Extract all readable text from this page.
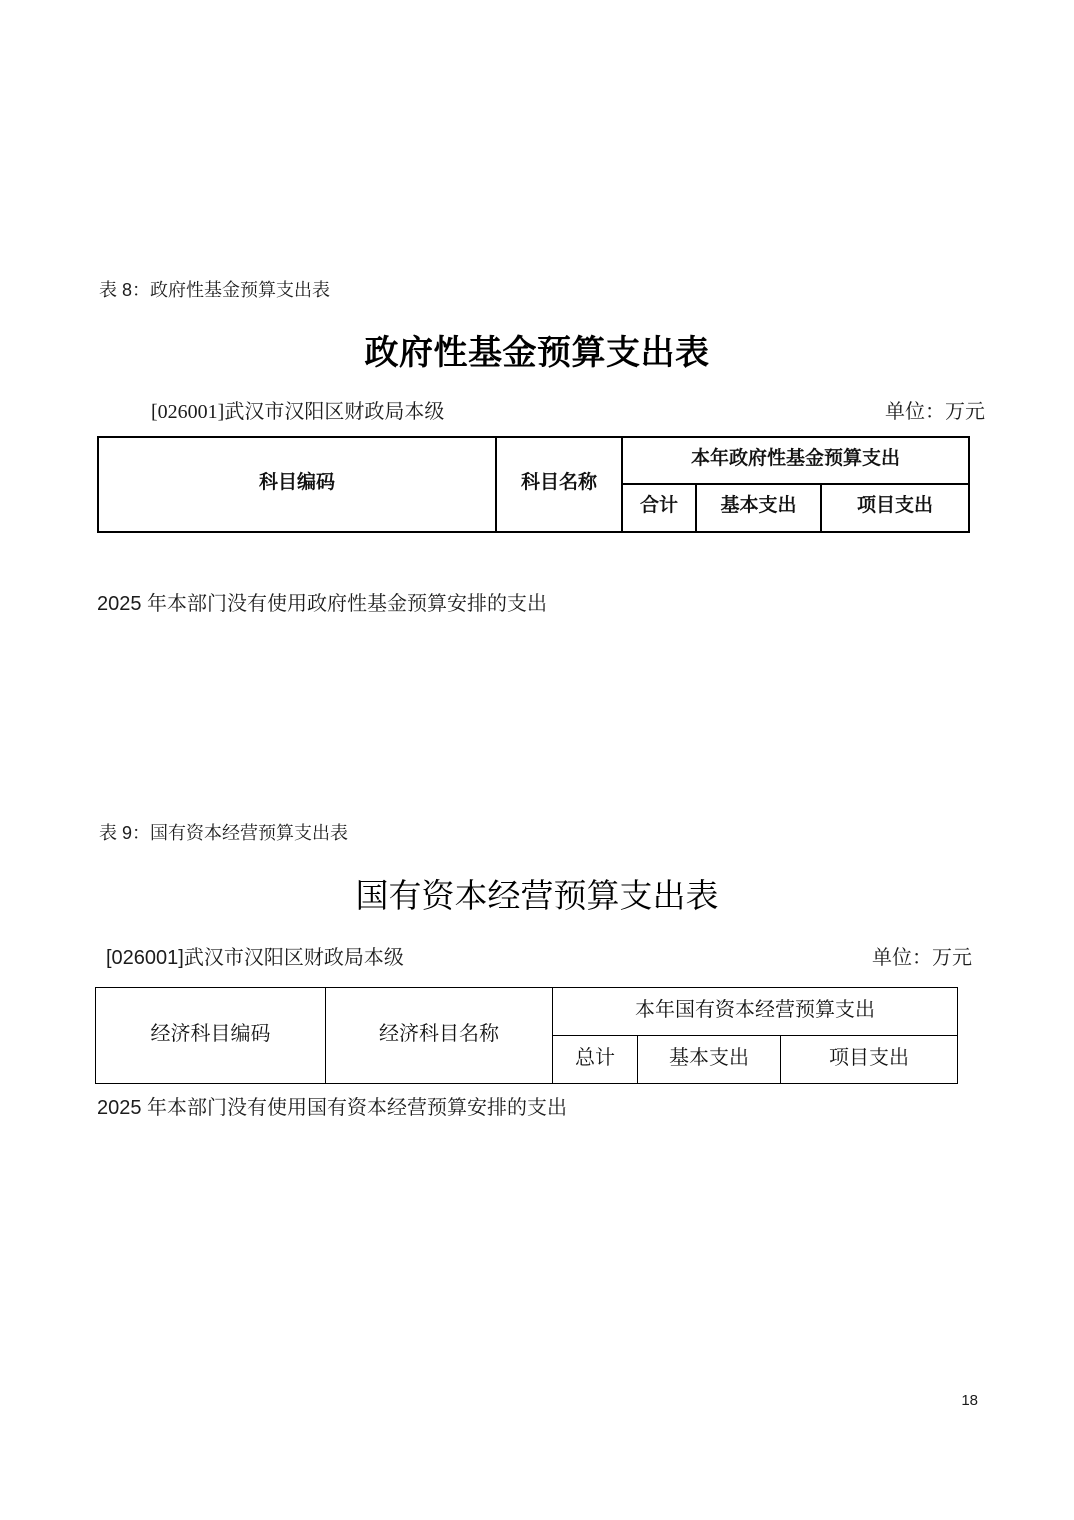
表 8：政府性基金预算支出表
政府性基金预算支出表
[026001]武汉市汉阳区财政局本级	单位：万元
科目编码	科目名称	本年政府性基金预算支出		
		合计	基本支出	项目支出
2025 年本部门没有使用政府性基金预算安排的支出
表 9：国有资本经营预算支出表
国有资本经营预算支出表
[026001]武汉市汉阳区财政局本级	单位：万元
经济科目编码	经济科目名称	本年国有资本经营预算支出		
		总计	基本支出	项目支出
2025 年本部门没有使用国有资本经营预算安排的支出
18
